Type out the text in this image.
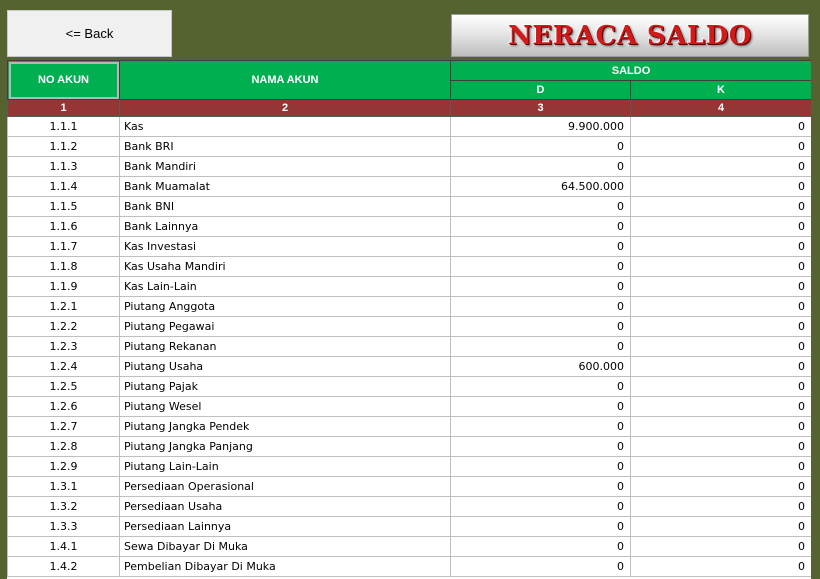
<= Back	NERACA SALDO
NO AKUN	NAMA AKUN	SALDO	
		D	K
1	2	3	4
1.1.1	Kas	9.900.000	0
1.1.2	Bank BRI	0	0
1.1.3	Bank Mandiri	0	0
1.1.4	Bank Muamalat	64.500.000	0
1.1.5	Bank BNI	0	0
1.1.6	Bank Lainnya	0	0
1.1.7	Kas Investasi	0	0
1.1.8	Kas Usaha Mandiri	0	0
1.1.9	Kas Lain-Lain	0	0
1.2.1	Piutang Anggota	0	0
1.2.2	Piutang Pegawai	0	0
1.2.3	Piutang Rekanan	0	0
1.2.4	Piutang Usaha	600.000	0
1.2.5	Piutang Pajak	0	0
1.2.6	Piutang Wesel	0	0
1.2.7	Piutang Jangka Pendek	0	0
1.2.8	Piutang Jangka Panjang	0	0
1.2.9	Piutang Lain-Lain	0	0
1.3.1	Persediaan Operasional	0	0
1.3.2	Persediaan Usaha	0	0
1.3.3	Persediaan Lainnya	0	0
1.4.1	Sewa Dibayar Di Muka	0	0
1.4.2	Pembelian Dibayar Di Muka	0	0
